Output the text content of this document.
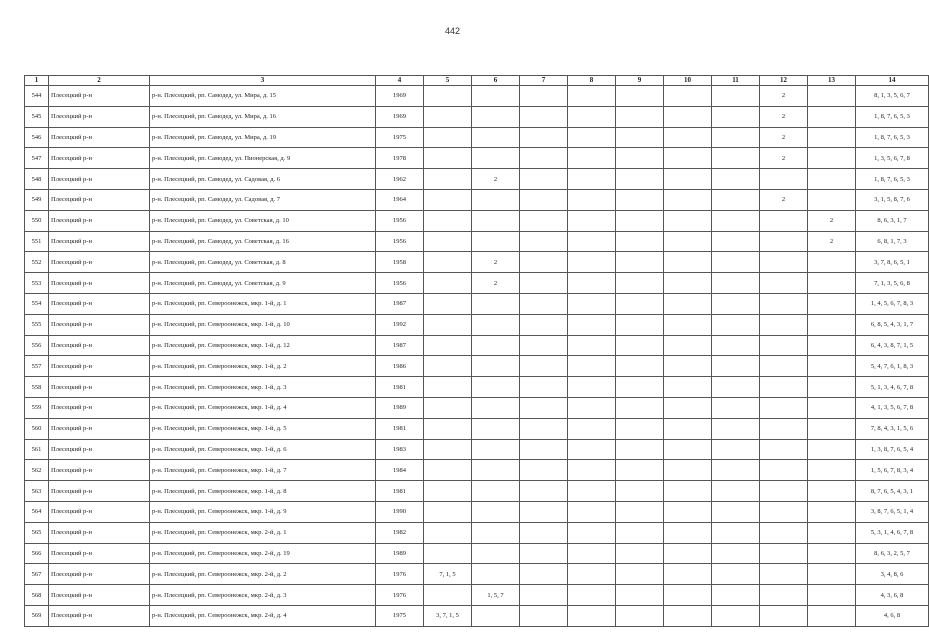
442
1	2	3	4	5	6	7	8	9	10	11	12	13	14
544	Плесецкий р-н	р-н. Плесецкий, рп. Самодед, ул. Мира, д. 15	1969								2		8, 1, 3, 5, 6, 7
545	Плесецкий р-н	р-н. Плесецкий, рп. Самодед, ул. Мира, д. 16	1969								2		1, 8, 7, 6, 5, 3
546	Плесецкий р-н	р-н. Плесецкий, рп. Самодед, ул. Мира, д. 19	1975								2		1, 8, 7, 6, 5, 3
547	Плесецкий р-н	р-н. Плесецкий, рп. Самодед, ул. Пионерская, д. 9	1978								2		1, 3, 5, 6, 7, 8
548	Плесецкий р-н	р-н. Плесецкий, рп. Самодед, ул. Садовая, д. 6	1962		2								1, 8, 7, 6, 5, 3
549	Плесецкий р-н	р-н. Плесецкий, рп. Самодед, ул. Садовая, д. 7	1964								2		3, 1, 5, 8, 7, 6
550	Плесецкий р-н	р-н. Плесецкий, рп. Самодед, ул. Советская, д. 10	1956									2	8, 6, 3, 1, 7
551	Плесецкий р-н	р-н. Плесецкий, рп. Самодед, ул. Советская, д. 16	1956									2	6, 8, 1, 7, 3
552	Плесецкий р-н	р-н. Плесецкий, рп. Самодед, ул. Советская, д. 8	1958		2								3, 7, 8, 6, 5, 1
553	Плесецкий р-н	р-н. Плесецкий, рп. Самодед, ул. Советская, д. 9	1956		2								7, 1, 3, 5, 6, 8
554	Плесецкий р-н	р-н. Плесецкий, рп. Североонежск, мкр. 1-й, д. 1	1987										1, 4, 5, 6, 7, 8, 3
555	Плесецкий р-н	р-н. Плесецкий, рп. Североонежск, мкр. 1-й, д. 10	1992										6, 8, 5, 4, 3, 1, 7
556	Плесецкий р-н	р-н. Плесецкий, рп. Североонежск, мкр. 1-й, д. 12	1987										6, 4, 3, 8, 7, 1, 5
557	Плесецкий р-н	р-н. Плесецкий, рп. Североонежск, мкр. 1-й, д. 2	1986										5, 4, 7, 6, 1, 8, 3
558	Плесецкий р-н	р-н. Плесецкий, рп. Североонежск, мкр. 1-й, д. 3	1981										5, 1, 3, 4, 6, 7, 8
559	Плесецкий р-н	р-н. Плесецкий, рп. Североонежск, мкр. 1-й, д. 4	1989										4, 1, 3, 5, 6, 7, 8
560	Плесецкий р-н	р-н. Плесецкий, рп. Североонежск, мкр. 1-й, д. 5	1981										7, 8, 4, 3, 1, 5, 6
561	Плесецкий р-н	р-н. Плесецкий, рп. Североонежск, мкр. 1-й, д. 6	1983										1, 3, 8, 7, 6, 5, 4
562	Плесецкий р-н	р-н. Плесецкий, рп. Североонежск, мкр. 1-й, д. 7	1984										1, 5, 6, 7, 8, 3, 4
563	Плесецкий р-н	р-н. Плесецкий, рп. Североонежск, мкр. 1-й, д. 8	1981										8, 7, 6, 5, 4, 3, 1
564	Плесецкий р-н	р-н. Плесецкий, рп. Североонежск, мкр. 1-й, д. 9	1990										3, 8, 7, 6, 5, 1, 4
565	Плесецкий р-н	р-н. Плесецкий, рп. Североонежск, мкр. 2-й, д. 1	1982										5, 3, 1, 4, 6, 7, 8
566	Плесецкий р-н	р-н. Плесецкий, рп. Североонежск, мкр. 2-й, д. 19	1989										8, 6, 3, 2, 5, 7
567	Плесецкий р-н	р-н. Плесецкий, рп. Североонежск, мкр. 2-й, д. 2	1976	7, 1, 5									3, 4, 8, 6
568	Плесецкий р-н	р-н. Плесецкий, рп. Североонежск, мкр. 2-й, д. 3	1976		1, 5, 7								4, 3, 6, 8
569	Плесецкий р-н	р-н. Плесецкий, рп. Североонежск, мкр. 2-й, д. 4	1975	3, 7, 1, 5									4, 6, 8
